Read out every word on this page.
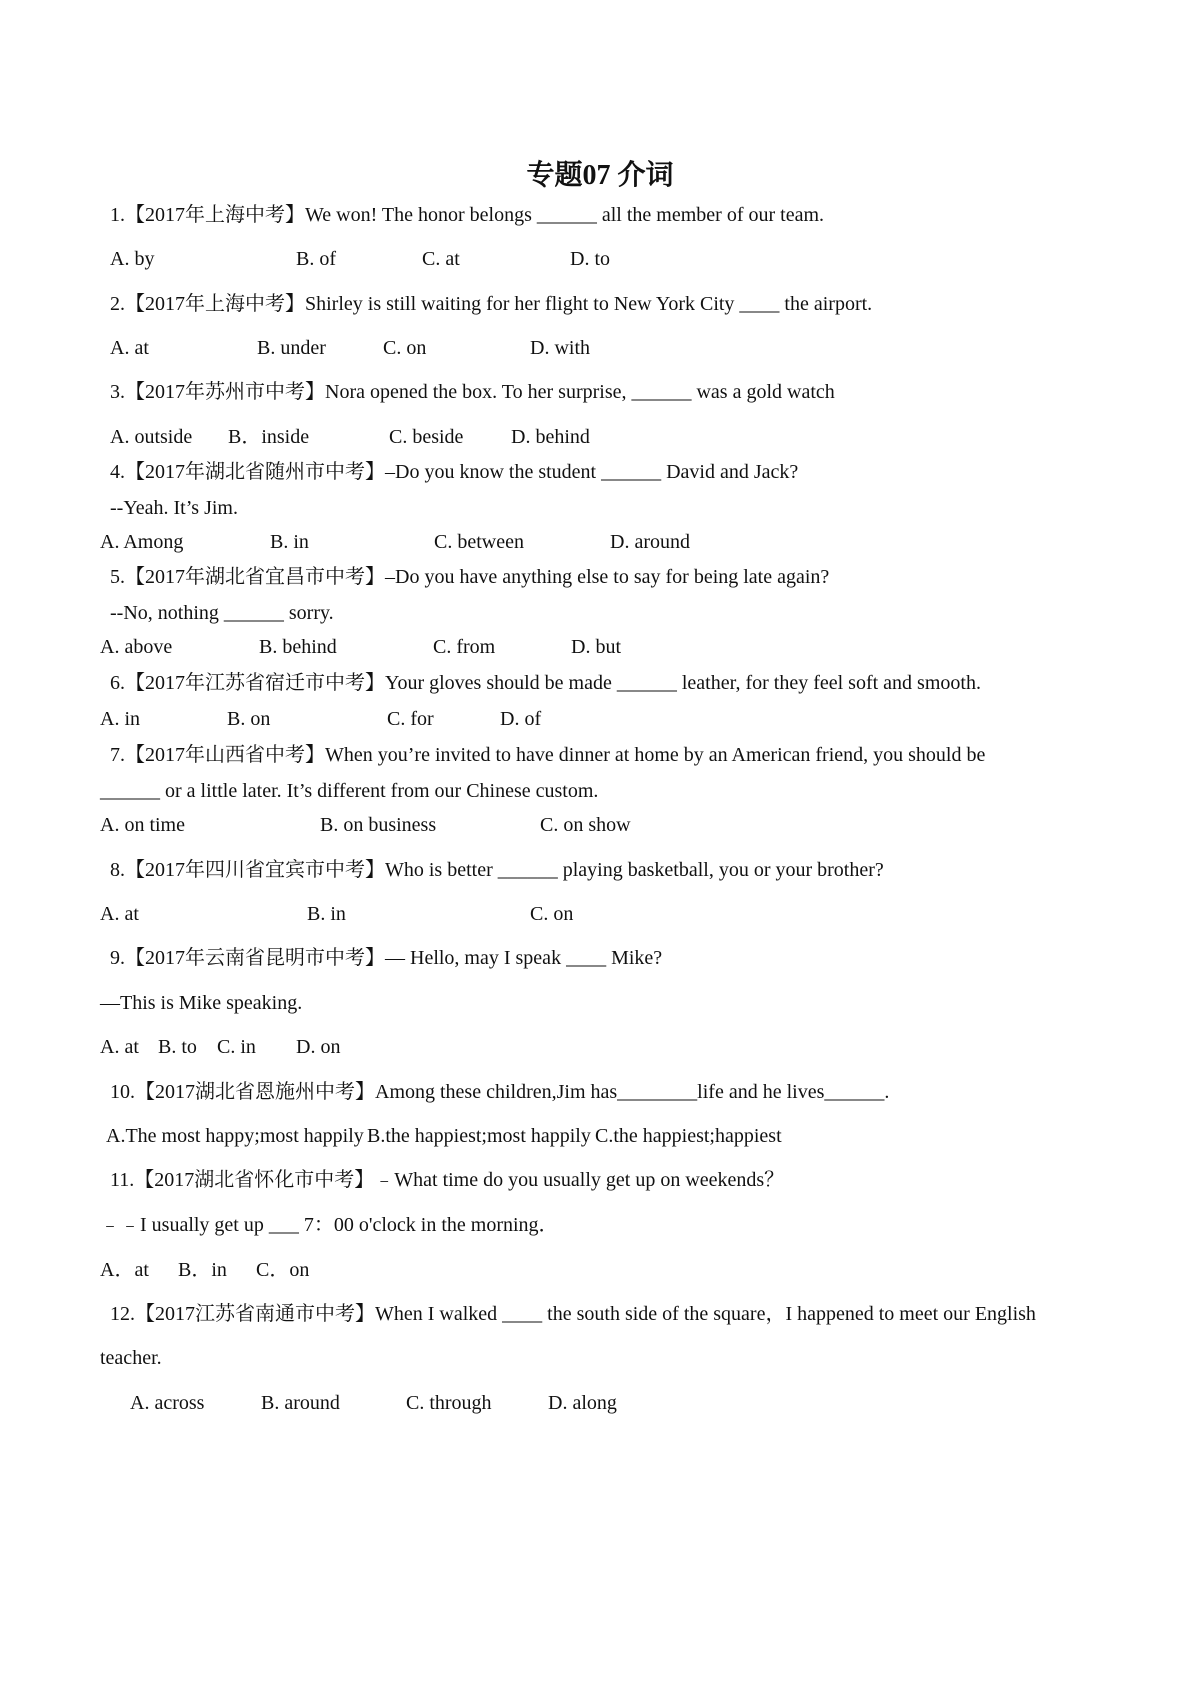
专题07 介词
1.【2017年上海中考】We won! The honor belongs ______ all the member of our team.
A. by	B. of	C. at	D. to
2.【2017年上海中考】Shirley is still waiting for her flight to New York City ____ the airport.
A. at	B. under	C. on	D. with
3.【2017年苏州市中考】Nora opened the box. To her surprise, ______ was a gold watch
A. outside B．inside	C. beside D. behind
4.【2017年湖北省随州市中考】–Do you know the student ______ David and Jack?
--Yeah. It’s Jim.
A. Among	B. in	C. between	D. around
5.【2017年湖北省宜昌市中考】–Do you have anything else to say for being late again?
--No, nothing ______ sorry.
A. above	B. behind	C. from	D. but
6.【2017年江苏省宿迁市中考】Your gloves should be made ______ leather, for they feel soft and smooth.
A. in	B. on	C. for	D. of
7.【2017年山西省中考】When you’re invited to have dinner at home by an American friend, you should be
______ or a little later. It’s different from our Chinese custom.
A. on time	B. on business	C. on show
8.【2017年四川省宜宾市中考】Who is better ______ playing basketball, you or your brother?
A. at	B. in	C. on
9.【2017年云南省昆明市中考】— Hello, may I speak ____ Mike?
—This is Mike speaking.
A. at B. to C. in D. on
10.【2017湖北省恩施州中考】Among these children,Jim has________life and he lives______.
A.The most happy;most happily B.the happiest;most happily C.the happiest;happiest
11.【2017湖北省怀化市中考】﹣What time do you usually get up on weekends？
﹣﹣I usually get up ___ 7：00 o'clock in the morning．
A．at B．in C．on
12.【2017江苏省南通市中考】When I walked ____ the south side of the square，I happened to meet our English
teacher.
A. across	B. around	C. through	D. along
